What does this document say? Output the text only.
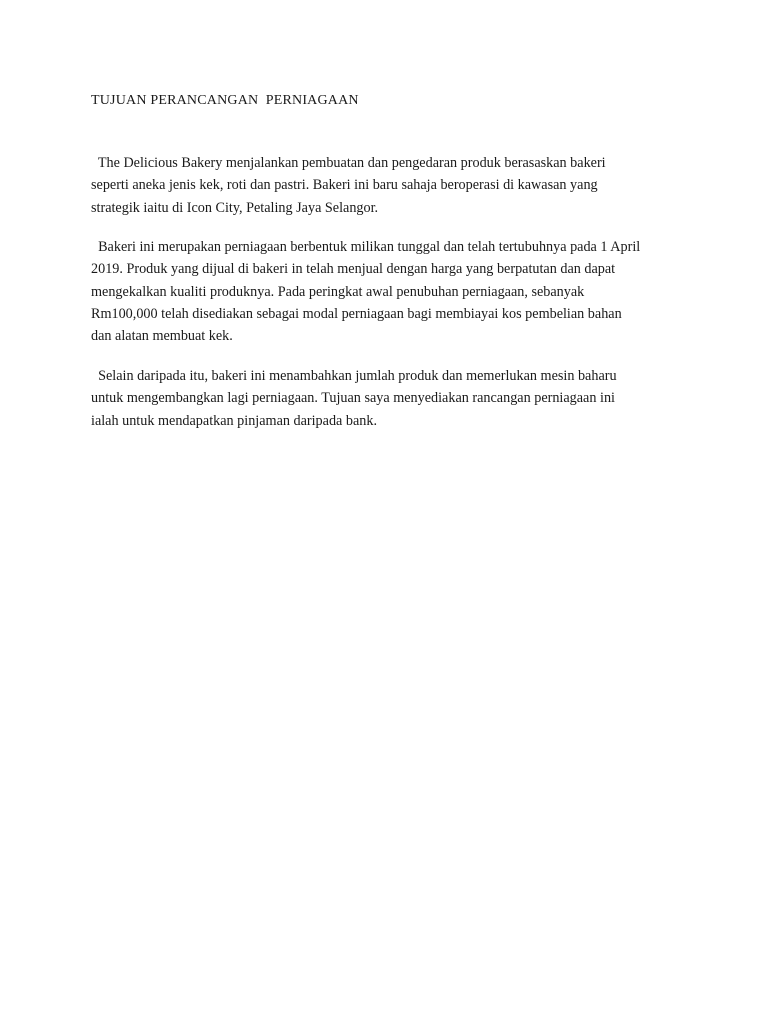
TUJUAN PERANCANGAN  PERNIAGAAN

The Delicious Bakery menjalankan pembuatan dan pengedaran produk berasaskan bakeri
seperti aneka jenis kek, roti dan pastri. Bakeri ini baru sahaja beroperasi di kawasan yang
strategik iaitu di Icon City, Petaling Jaya Selangor.

Bakeri ini merupakan perniagaan berbentuk milikan tunggal dan telah tertubuhnya pada 1 April
2019. Produk yang dijual di bakeri in telah menjual dengan harga yang berpatutan dan dapat
mengekalkan kualiti produknya. Pada peringkat awal penubuhan perniagaan, sebanyak
Rm100,000 telah disediakan sebagai modal perniagaan bagi membiayai kos pembelian bahan
dan alatan membuat kek.

Selain daripada itu, bakeri ini menambahkan jumlah produk dan memerlukan mesin baharu
untuk mengembangkan lagi perniagaan. Tujuan saya menyediakan rancangan perniagaan ini
ialah untuk mendapatkan pinjaman daripada bank.
